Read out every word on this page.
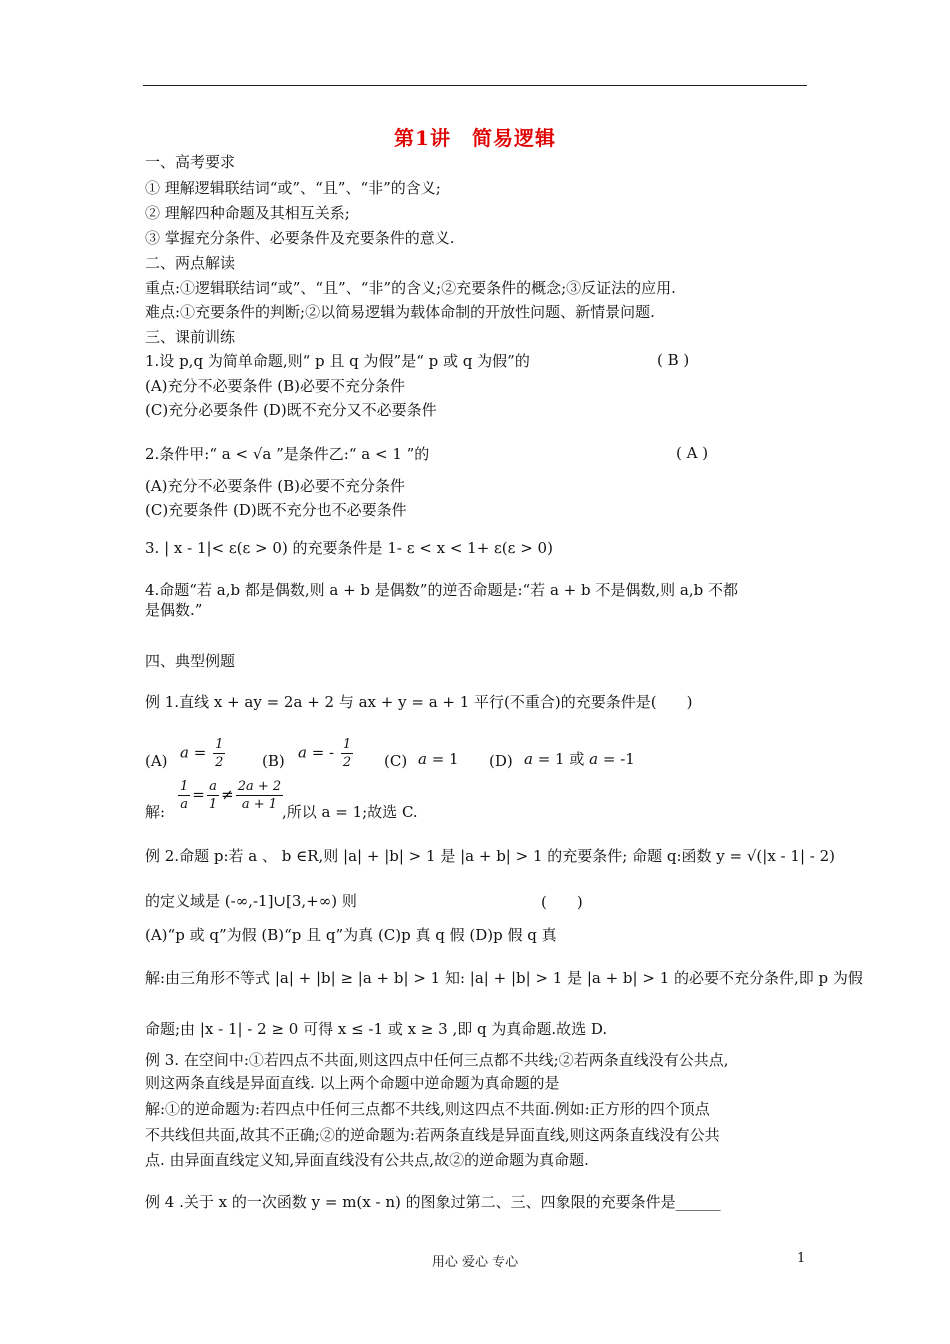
第1讲　简易逻辑
一、高考要求
① 理解逻辑联结词“或”、“且”、“非”的含义;
② 理解四种命题及其相互关系;
③ 掌握充分条件、必要条件及充要条件的意义.
二、两点解读
重点:①逻辑联结词“或”、“且”、“非”的含义;②充要条件的概念;③反证法的应用.
难点:①充要条件的判断;②以简易逻辑为载体命制的开放性问题、新情景问题.
三、课前训练
1.设 p,q 为简单命题,则“ p 且 q 为假”是“ p 或 q 为假”的	( B )
(A)充分不必要条件 (B)必要不充分条件
(C)充分必要条件 (D)既不充分又不必要条件
2.条件甲:“ a < √a ”是条件乙:“ a < 1 ”的	( A )
(A)充分不必要条件 (B)必要不充分条件
(C)充要条件 (D)既不充分也不必要条件
3. | x - 1|< ε(ε > 0) 的充要条件是 1- ε < x < 1+ ε(ε > 0)
4.命题“若 a,b 都是偶数,则 a + b 是偶数”的逆否命题是:“若 a + b 不是偶数,则 a,b 不都
是偶数.”
四、典型例题
例 1.直线 x + ay = 2a + 2 与 ax + y = a + 1 平行(不重合)的充要条件是(　　)
(A) $a = \frac{1}{2} (B) a$ = - $\frac{1}{2} (C) a = 1$ (D) a = 1 或 a = -1
解: $\frac{1}{a} = \frac{a}{1} \ne \frac{2a + 2}{a + 1}$
,所以 a = 1;故选 C.
例 2.命题 p:若 a 、 b ∈R,则 |a| + |b| > 1 是 |a + b| > 1 的充要条件; 命题 q:函数 y = √(|x - 1| - 2)
的定义域是 (-∞,-1]∪[3,+∞) 则	(　　)
(A)“p 或 q”为假 (B)“p 且 q”为真 (C)p 真 q 假 (D)p 假 q 真
解:由三角形不等式 |a| + |b| ≥ |a + b| > 1 知: |a| + |b| > 1 是 |a + b| > 1 的必要不充分条件,即 p 为假
命题;由 |x - 1| - 2 ≥ 0 可得 x ≤ -1 或 x ≥ 3 ,即 q 为真命题.故选 D.
例 3. 在空间中:①若四点不共面,则这四点中任何三点都不共线;②若两条直线没有公共点,
则这两条直线是异面直线. 以上两个命题中逆命题为真命题的是
解:①的逆命题为:若四点中任何三点都不共线,则这四点不共面.例如:正方形的四个顶点
不共线但共面,故其不正确;②的逆命题为:若两条直线是异面直线,则这两条直线没有公共
点. 由异面直线定义知,异面直线没有公共点,故②的逆命题为真命题.
例 4 .关于 x 的一次函数 y = m(x - n) 的图象过第二、三、四象限的充要条件是______
用心 爱心 专心	1
